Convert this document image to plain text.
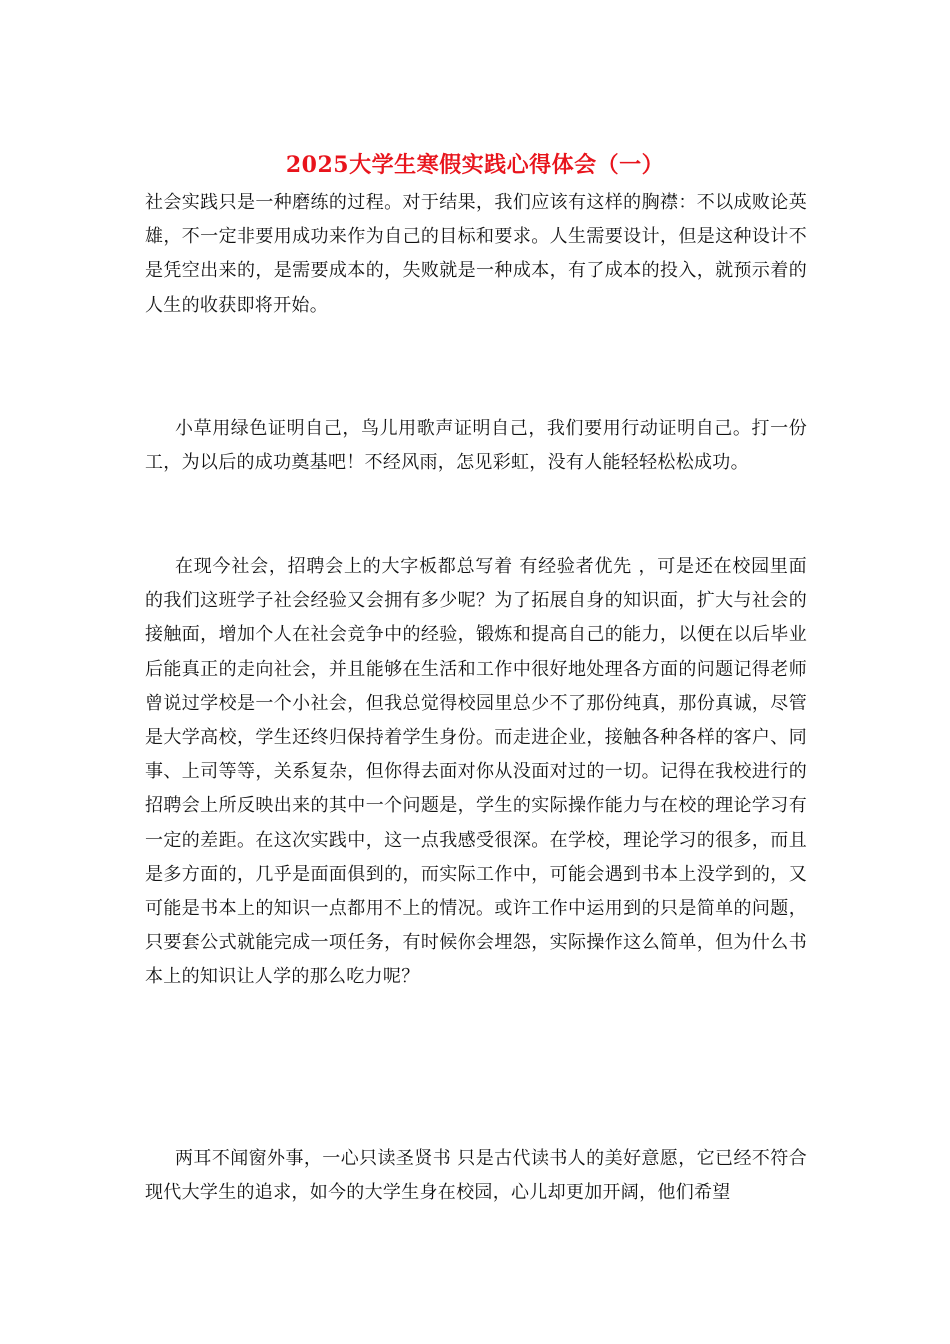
2025大学生寒假实践心得体会（一）

社会实践只是一种磨练的过程。对于结果，我们应该有这样的胸襟：不以成败论英雄，不一定非要用成功来作为自己的目标和要求。人生需要设计，但是这种设计不是凭空出来的，是需要成本的，失败就是一种成本，有了成本的投入，就预示着的人生的收获即将开始。

小草用绿色证明自己，鸟儿用歌声证明自己，我们要用行动证明自己。打一份工，为以后的成功奠基吧！不经风雨，怎见彩虹，没有人能轻轻松松成功。

在现今社会，招聘会上的大字板都总写着 有经验者优先 ，可是还在校园里面的我们这班学子社会经验又会拥有多少呢？为了拓展自身的知识面，扩大与社会的接触面，增加个人在社会竞争中的经验，锻炼和提高自己的能力，以便在以后毕业后能真正的走向社会，并且能够在生活和工作中很好地处理各方面的问题记得老师曾说过学校是一个小社会，但我总觉得校园里总少不了那份纯真，那份真诚，尽管是大学高校，学生还终归保持着学生身份。而走进企业，接触各种各样的客户、同事、上司等等，关系复杂，但你得去面对你从没面对过的一切。记得在我校进行的招聘会上所反映出来的其中一个问题是，学生的实际操作能力与在校的理论学习有一定的差距。在这次实践中，这一点我感受很深。在学校，理论学习的很多，而且是多方面的，几乎是面面俱到的，而实际工作中，可能会遇到书本上没学到的，又可能是书本上的知识一点都用不上的情况。或许工作中运用到的只是简单的问题，只要套公式就能完成一项任务，有时候你会埋怨，实际操作这么简单，但为什么书本上的知识让人学的那么吃力呢？

两耳不闻窗外事，一心只读圣贤书 只是古代读书人的美好意愿，它已经不符合现代大学生的追求，如今的大学生身在校园，心儿却更加开阔，他们希望
